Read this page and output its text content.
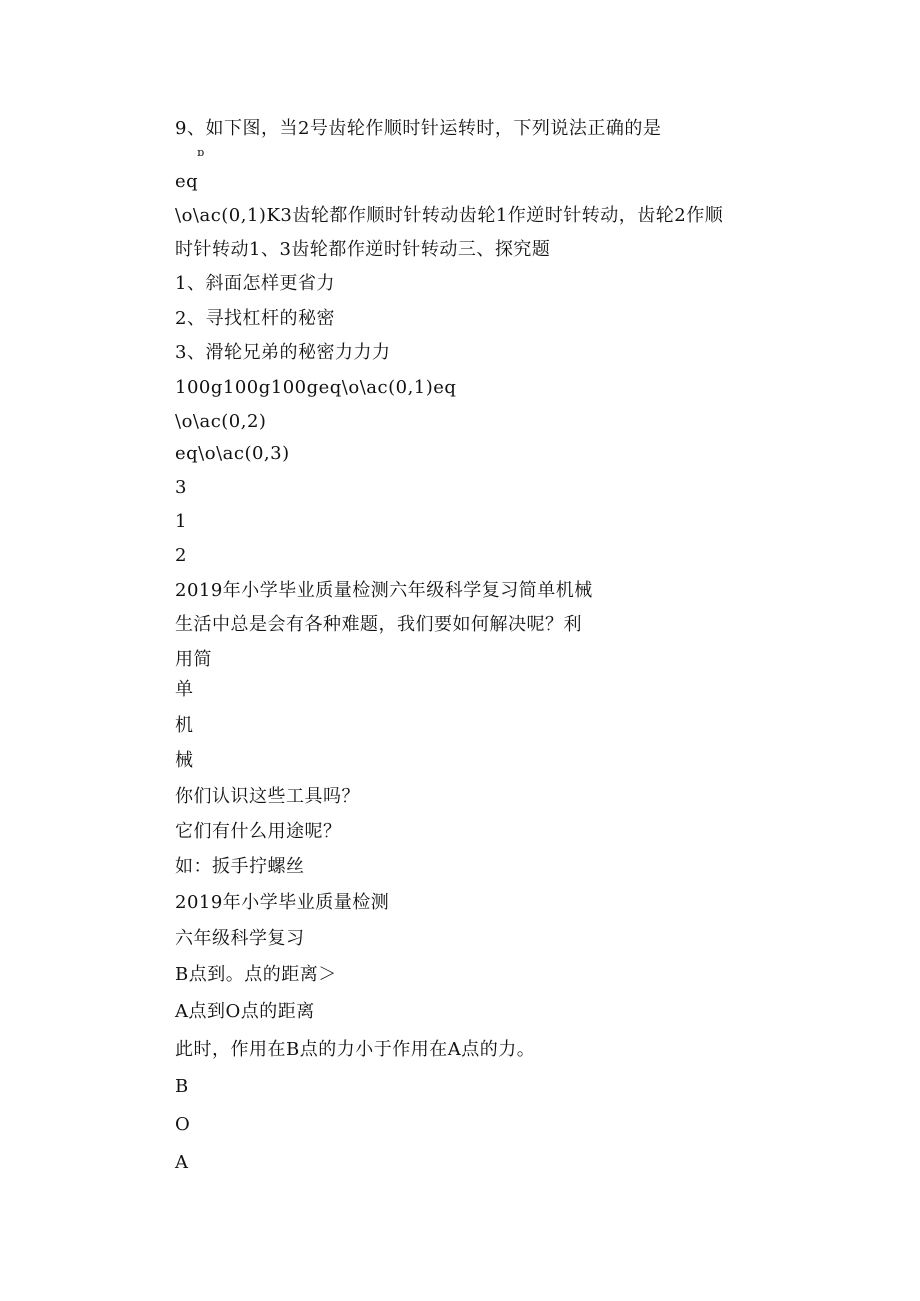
9、如下图，当2号齿轮作顺时针运转时，下列说法正确的是
ɒ
eq
\o\ac(0,1)K3齿轮都作顺时针转动齿轮1作逆时针转动，齿轮2作顺
时针转动1、3齿轮都作逆时针转动三、探究题
1、斜面怎样更省力
2、寻找杠杆的秘密
3、滑轮兄弟的秘密力力力
100g100g100geq\o\ac(0,1)eq
\o\ac(0,2)
eq\o\ac(0,3)
3
1
2
2019年小学毕业质量检测六年级科学复习简单机械
生活中总是会有各种难题，我们要如何解决呢？利
用简
单
机
械
你们认识这些工具吗？
它们有什么用途呢？
如：扳手拧螺丝
2019年小学毕业质量检测
六年级科学复习
B点到。点的距离＞
A点到O点的距离
此时，作用在B点的力小于作用在A点的力。
B
O
A
